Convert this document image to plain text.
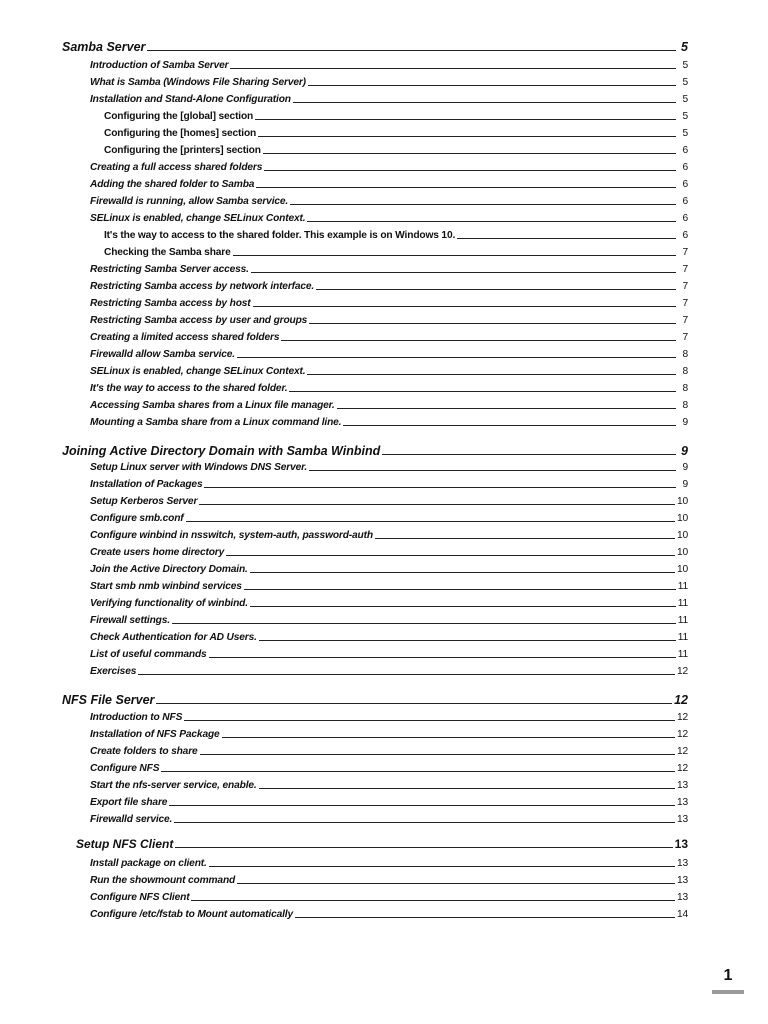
Samba Server	5
Introduction of Samba Server	5
What is Samba (Windows File Sharing Server)	5
Installation and Stand-Alone Configuration	5
Configuring the [global] section	5
Configuring the [homes] section	5
Configuring the [printers] section	6
Creating a full access shared folders	6
Adding the shared folder to Samba	6
Firewalld is running, allow Samba service.	6
SELinux is enabled, change SELinux Context.	6
It's the way to access to the shared folder. This example is on Windows 10.	6
Checking the Samba share	7
Restricting Samba Server access.	7
Restricting Samba access by network interface.	7
Restricting Samba access by host	7
Restricting Samba access by user and groups	7
Creating a limited access shared folders	7
Firewalld allow Samba service.	8
SELinux is enabled, change SELinux Context.	8
It's the way to access to the shared folder.	8
Accessing Samba shares from a Linux file manager.	8
Mounting a Samba share from a Linux command line.	9
Joining Active Directory Domain with Samba Winbind	9
Setup Linux server with Windows DNS Server.	9
Installation of Packages	9
Setup Kerberos Server	10
Configure smb.conf	10
Configure winbind in nsswitch, system-auth, password-auth	10
Create users home directory	10
Join the Active Directory Domain.	10
Start smb nmb winbind services	11
Verifying functionality of winbind.	11
Firewall settings.	11
Check Authentication for AD Users.	11
List of useful commands	11
Exercises	12
NFS File Server	12
Introduction to NFS	12
Installation of NFS Package	12
Create folders to share	12
Configure NFS	12
Start the nfs-server service, enable.	13
Export file share	13
Firewalld service.	13
Setup NFS Client	13
Install package on client.	13
Run the showmount command	13
Configure NFS Client	13
Configure /etc/fstab to Mount automatically	14
1
